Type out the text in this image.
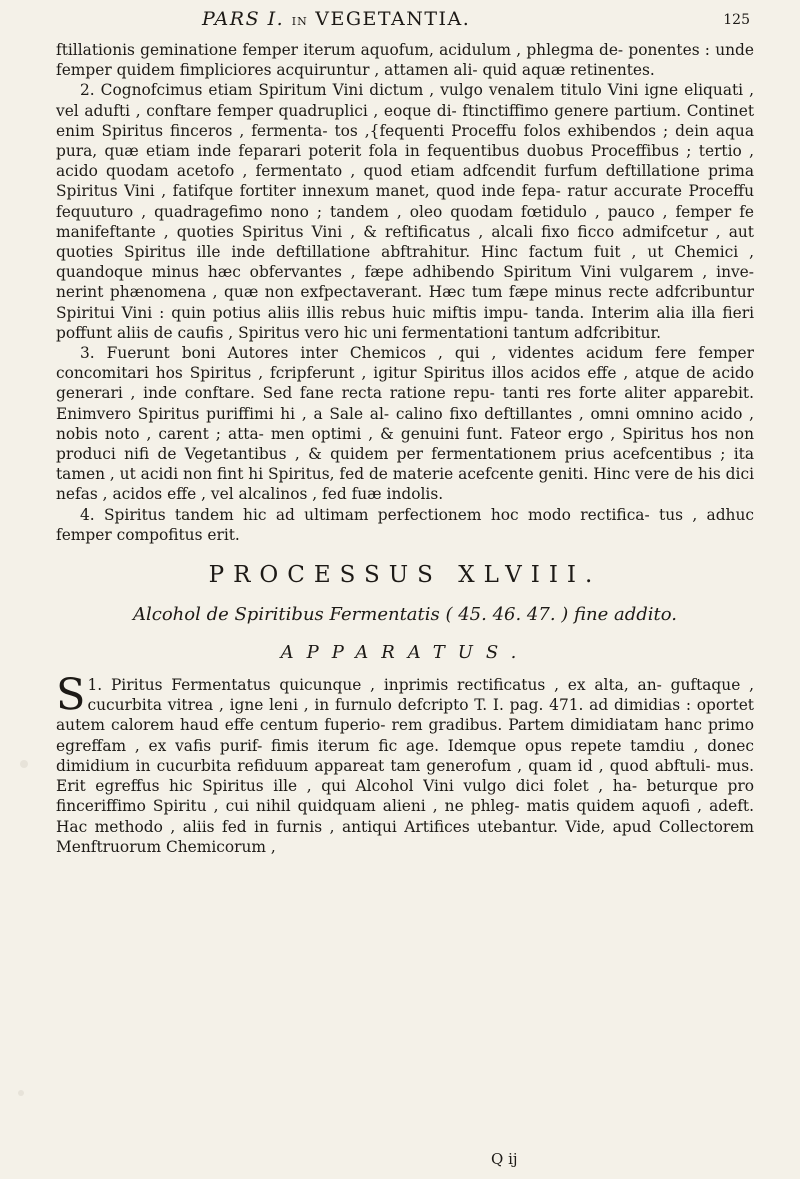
PARS I. IN VEGETANTIA.	125

ftillationis geminatione femper iterum aquofum, acidulum , phlegma de- ponentes : unde femper quidem fimpliciores acquiruntur , attamen ali- quid aquæ retinentes.

2. Cognofcimus etiam Spiritum Vini dictum , vulgo venalem titulo Vini igne eliquati , vel adufti , conftare femper quadruplici , eoque di- ftinctiffimo genere partium. Continet enim Spiritus finceros , fermenta- tos ,{fequenti Proceffu folos exhibendos ; dein aqua pura, quæ etiam inde feparari poterit fola in fequentibus duobus Proceffibus ; tertio , acido quodam acetofo , fermentato , quod etiam adfcendit furfum deftillatione prima Spiritus Vini , fatifque fortiter innexum manet, quod inde fepa- ratur accurate Proceffu fequuturo , quadragefimo nono ; tandem , oleo quodam fœtidulo , pauco , femper fe manifeftante , quoties Spiritus Vini , & reftificatus , alcali fixo ficco admifcetur , aut quoties Spiritus ille inde deftillatione abftrahitur. Hinc factum fuit , ut Chemici , quandoque minus hæc obfervantes , fæpe adhibendo Spiritum Vini vulgarem , inve- nerint phænomena , quæ non exfpectaverant. Hæc tum fæpe minus recte adfcribuntur Spiritui Vini : quin potius aliis illis rebus huic miftis impu- tanda. Interim alia illa fieri poffunt aliis de caufis , Spiritus vero hic uni fermentationi tantum adfcribitur.

3. Fuerunt boni Autores inter Chemicos , qui , videntes acidum fere femper concomitari hos Spiritus , fcripferunt , igitur Spiritus illos acidos effe , atque de acido generari , inde conftare. Sed fane recta ratione repu- tanti res forte aliter apparebit. Enimvero Spiritus puriffimi hi , a Sale al- calino fixo deftillantes , omni omnino acido , nobis noto , carent ; atta- men optimi , & genuini funt. Fateor ergo , Spiritus hos non produci nifi de Vegetantibus , & quidem per fermentationem prius acefcentibus ; ita tamen , ut acidi non fint hi Spiritus, fed de materie acefcente geniti. Hinc vere de his dici nefas , acidos effe , vel alcalinos , fed fuæ indolis.

4. Spiritus tandem hic ad ultimam perfectionem hoc modo rectifica- tus , adhuc femper compofitus erit.

PROCESSUS XLVIII.
Alcohol de Spiritibus Fermentatis ( 45. 46. 47. ) fine addito.
APPARATUS.

S 1. Piritus Fermentatus quicunque , inprimis rectificatus , ex alta, an- guftaque , cucurbita vitrea , igne leni , in furnulo defcripto T. I. pag. 471. ad dimidias : oportet autem calorem haud effe centum fuperio- rem gradibus. Partem dimidiatam hanc primo egreffam , ex vafis purif- fimis iterum fic age. Idemque opus repete tamdiu , donec dimidium in cucurbita refiduum appareat tam generofum , quam id , quod abftuli- mus. Erit egreffus hic Spiritus ille , qui Alcohol Vini vulgo dici folet , ha- beturque pro finceriffimo Spiritu , cui nihil quidquam alieni , ne phleg- matis quidem aquofi , adeft. Hac methodo , aliis fed in furnis , antiqui Artifices utebantur. Vide, apud Collectorem Menftruorum Chemicorum ,

Q ij
